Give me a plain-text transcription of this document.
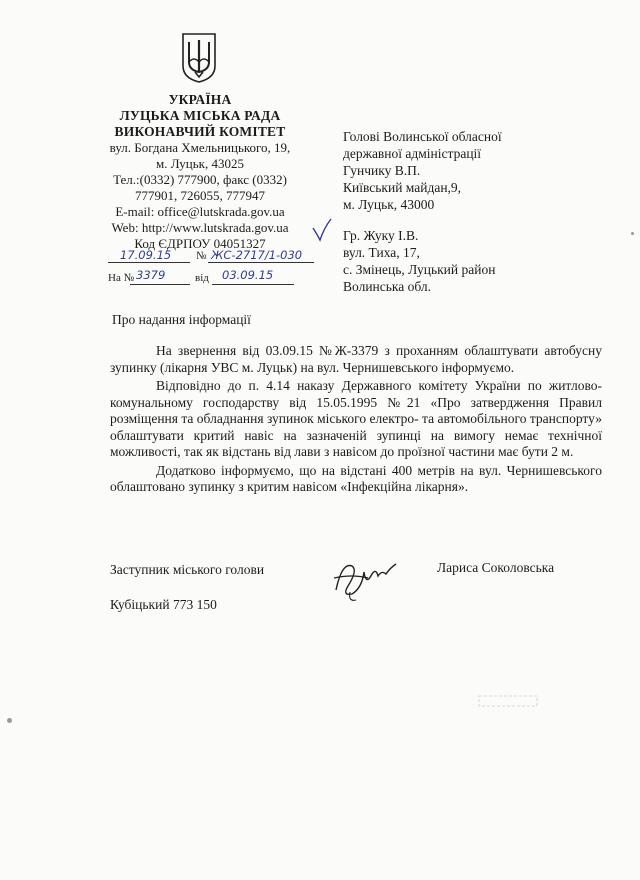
УКРАЇНА
ЛУЦЬКА МІСЬКА РАДА
ВИКОНАВЧИЙ КОМІТЕТ
вул. Богдана Хмельницького, 19,
м. Луцьк, 43025
Тел.:(0332) 777900, факс (0332)
777901, 726055, 777947
E-mail: office@lutskrada.gov.ua
Web: http://www.lutskrada.gov.ua
Код ЄДРПОУ 04051327
17.09.15 № ЖС-2717/1-030
На № 3379	від 03.09.15
Голові Волинської обласної
державної адміністрації
Гунчику В.П.
Київський майдан,9,
м. Луцьк, 43000
Гр. Жуку І.В.
вул. Тиха, 17,
с. Змінець, Луцький район
Волинська обл.
Про надання інформації

На звернення від 03.09.15 №Ж-3379 з проханням облаштувати автобусну зупинку (лікарня УВС м. Луцьк) на вул. Чернишевського інформуємо.

Відповідно до п. 4.14 наказу Державного комітету України по житлово-комунальному господарству від 15.05.1995 №21 «Про затвердження Правил розміщення та обладнання зупинок міського електро- та автомобільного транспорту» облаштувати критий навіс на зазначеній зупинці на вимогу немає технічної можливості, так як відстань від лави з навісом до проїзної частини має бути 2 м.

Додатково інформуємо, що на відстані 400 метрів на вул. Чернишевського облаштовано зупинку з критим навісом «Інфекційна лікарня».

Заступник міського голови	Лариса Соколовська
Кубіцький 773 150
